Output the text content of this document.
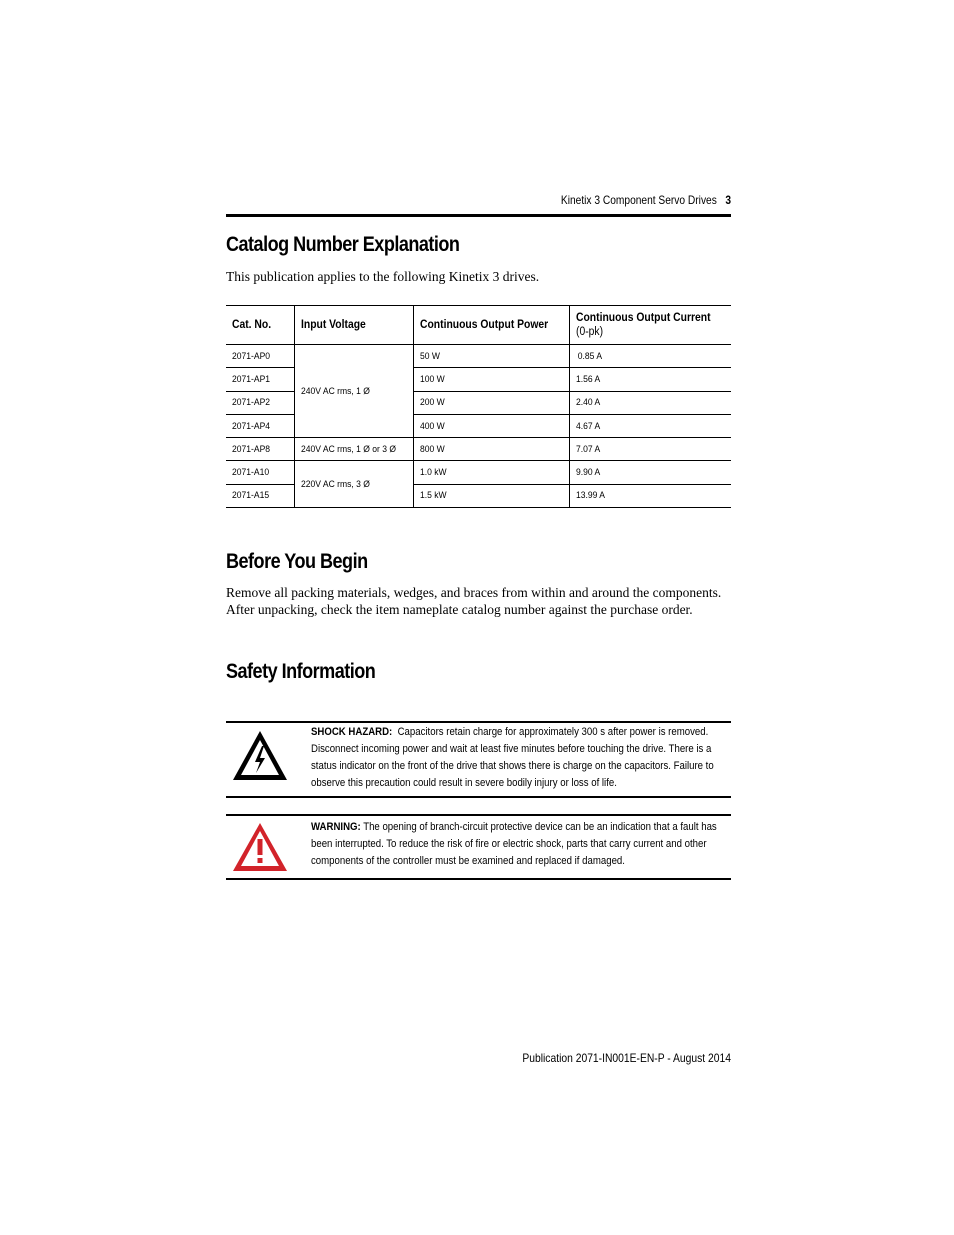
Kinetix 3 Component Servo Drives 3
Catalog Number Explanation

This publication applies to the following Kinetix 3 drives.

Cat. No.	Input Voltage	Continuous Output Power	Continuous Output Current
(0-pk)
2071-AP0	240V AC rms, 1 Ø	50 W	0.85 A
2071-AP1		100 W	1.56 A
2071-AP2		200 W	2.40 A
2071-AP4		400 W	4.67 A
2071-AP8	240V AC rms, 1 Ø or 3 Ø	800 W	7.07 A
2071-A10	220V AC rms, 3 Ø	1.0 kW	9.90 A
2071-A15		1.5 kW	13.99 A
Before You Begin

Remove all packing materials, wedges, and braces from within and around the components.
After unpacking, check the item nameplate catalog number against the purchase order.

Safety Information
SHOCK HAZARD: Capacitors retain charge for approximately 300 s after power is removed. Disconnect incoming power and wait at least five minutes before touching the drive. There is a status indicator on the front of the drive that shows there is charge on the capacitors. Failure to observe this precaution could result in severe bodily injury or loss of life.
WARNING: The opening of branch-circuit protective device can be an indication that a fault has been interrupted. To reduce the risk of fire or electric shock, parts that carry current and other components of the controller must be examined and replaced if damaged.
Publication 2071-IN001E-EN-P - August 2014
